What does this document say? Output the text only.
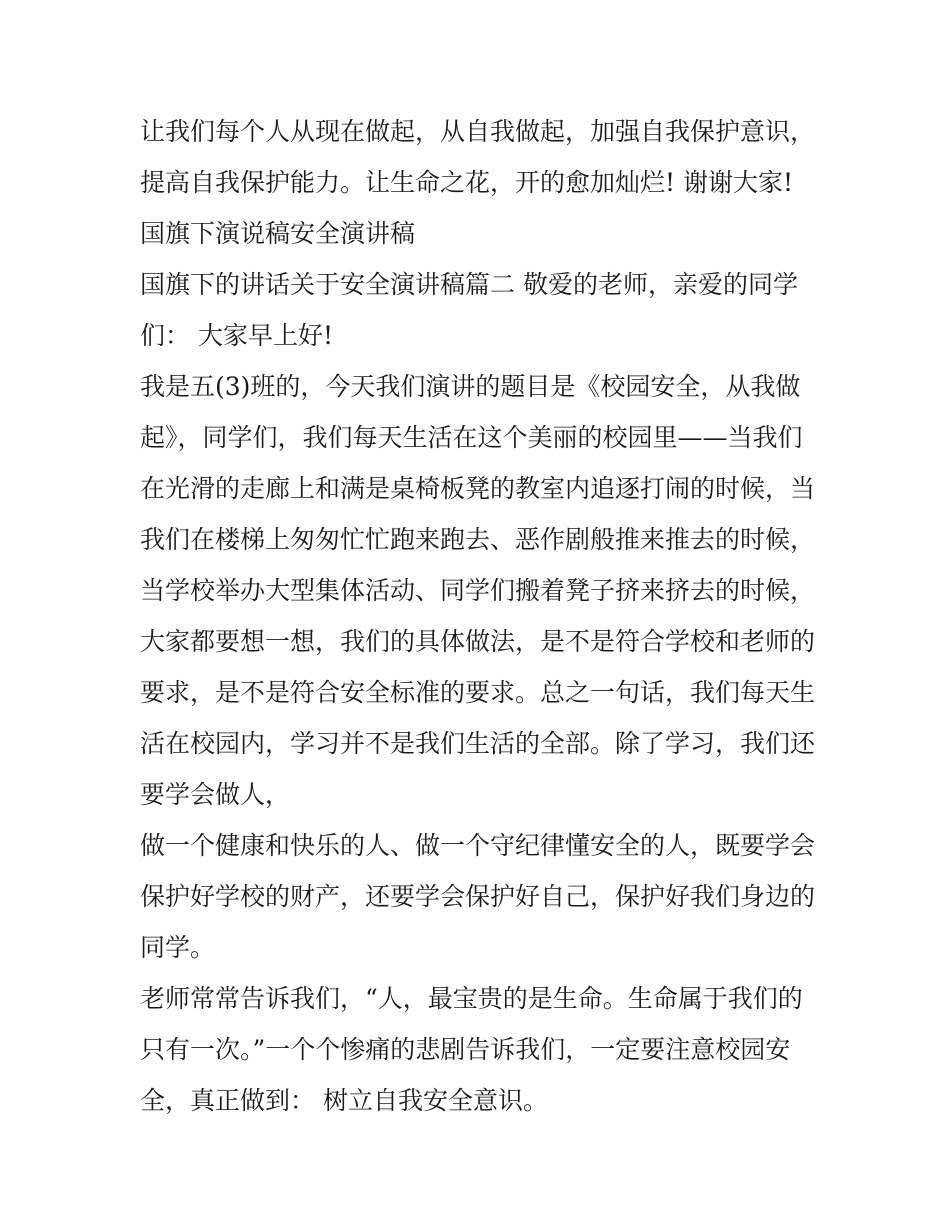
让我们每个人从现在做起，从自我做起，加强自我保护意识，
提高自我保护能力。让生命之花，开的愈加灿烂! 谢谢大家!
国旗下演说稿安全演讲稿
国旗下的讲话关于安全演讲稿篇二 敬爱的老师，亲爱的同学
们： 大家早上好!
我是五(3)班的，今天我们演讲的题目是《校园安全，从我做
起》，同学们，我们每天生活在这个美丽的校园里——当我们
在光滑的走廊上和满是桌椅板凳的教室内追逐打闹的时候，当
我们在楼梯上匆匆忙忙跑来跑去、恶作剧般推来推去的时候，
当学校举办大型集体活动、同学们搬着凳子挤来挤去的时候，
大家都要想一想，我们的具体做法，是不是符合学校和老师的
要求，是不是符合安全标准的要求。总之一句话，我们每天生
活在校园内，学习并不是我们生活的全部。除了学习，我们还
要学会做人，
做一个健康和快乐的人、做一个守纪律懂安全的人，既要学会
保护好学校的财产，还要学会保护好自己，保护好我们身边的
同学。
老师常常告诉我们，“人，最宝贵的是生命。生命属于我们的
只有一次。”一个个惨痛的悲剧告诉我们，一定要注意校园安
全，真正做到： 树立自我安全意识。
